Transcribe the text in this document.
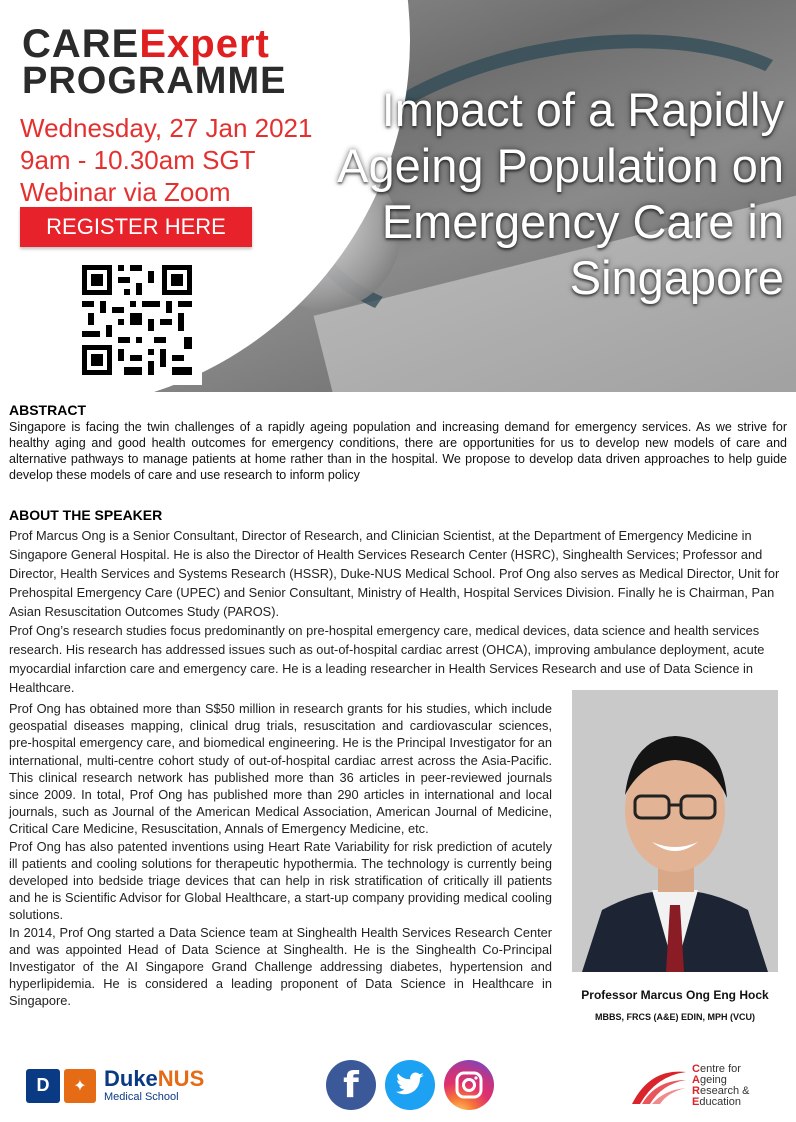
CAREExpert
PROGRAMME
Wednesday, 27 Jan 2021
9am - 10.30am SGT
Webinar via Zoom
REGISTER HERE
Impact of a Rapidly Ageing Population on Emergency Care in Singapore
ABSTRACT
Singapore is facing the twin challenges of a rapidly ageing population and increasing demand for emergency services. As we strive for healthy aging and good health outcomes for emergency conditions, there are opportunities for us to develop new models of care and alternative pathways to manage patients at home rather than in the hospital. We propose to develop data driven approaches to help guide develop these models of care and use research to inform policy
ABOUT THE SPEAKER

Prof Marcus Ong is a Senior Consultant, Director of Research, and Clinician Scientist, at the Department of Emergency Medicine in Singapore General Hospital. He is also the Director of Health Services Research Center (HSRC), Singhealth Services; Professor and Director, Health Services and Systems Research (HSSR), Duke-NUS Medical School. Prof Ong also serves as Medical Director, Unit for Prehospital Emergency Care (UPEC) and Senior Consultant, Ministry of Health, Hospital Services Division. Finally he is Chairman, Pan Asian Resuscitation Outcomes Study (PAROS).

Prof Ong’s research studies focus predominantly on pre-hospital emergency care, medical devices, data science and health services research. His research has addressed issues such as out-of-hospital cardiac arrest (OHCA), improving ambulance deployment, acute myocardial infarction care and emergency care. He is a leading researcher in Health Services Research and use of Data Science in Healthcare.

Prof Ong has obtained more than S$50 million in research grants for his studies, which include geospatial diseases mapping, clinical drug trials, resuscitation and cardiovascular sciences, pre-hospital emergency care, and biomedical engineering. He is the Principal Investigator for an international, multi-centre cohort study of out-of-hospital cardiac arrest across the Asia-Pacific. This clinical research network has published more than 36 articles in peer-reviewed journals since 2009. In total, Prof Ong has published more than 290 articles in international and local journals, such as Journal of the American Medical Association, American Journal of Medicine, Critical Care Medicine, Resuscitation, Annals of Emergency Medicine, etc.

Prof Ong has also patented inventions using Heart Rate Variability for risk prediction of acutely ill patients and cooling solutions for therapeutic hypothermia. The technology is currently being developed into bedside triage devices that can help in risk stratification of critically ill patients and he is Scientific Advisor for Global Healthcare, a start-up company providing medical cooling solutions.

In 2014, Prof Ong started a Data Science team at Singhealth Health Services Research Center and was appointed Head of Data Science at Singhealth. He is the Singhealth Co-Principal Investigator of the AI Singapore Grand Challenge addressing diabetes, hypertension and hyperlipidemia. He is considered a leading proponent of Data Science in Healthcare in Singapore.	Professor Marcus Ong Eng Hock
MBBS, FRCS (A&E) EDIN, MPH (VCU)
D	✦ DukeNUS
Medical School	f	Centre for
Ageing
Research &
Education
